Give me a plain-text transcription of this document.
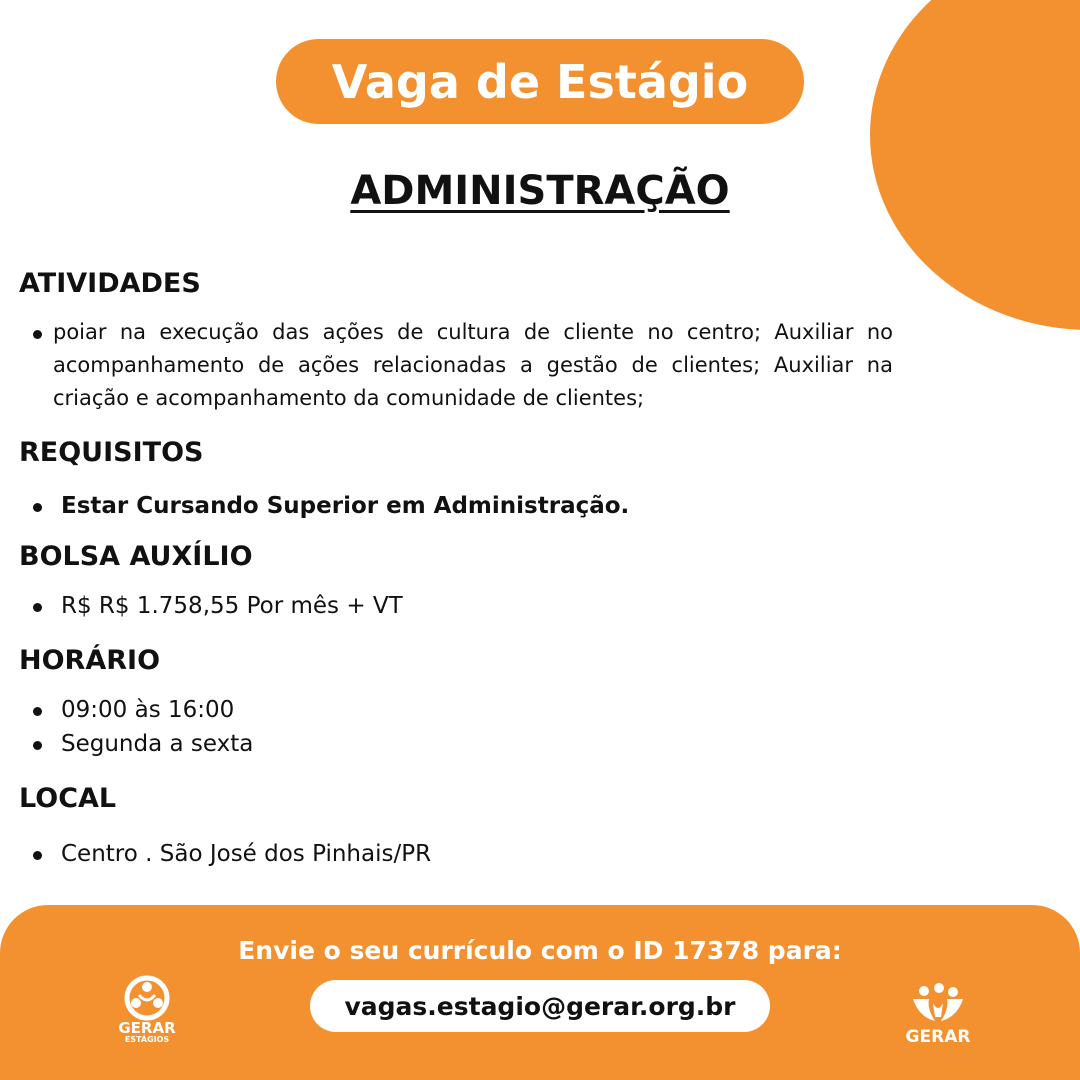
Vaga de Estágio
ADMINISTRAÇÃO
ATIVIDADES
poiar na execução das ações de cultura de cliente no centro; Auxiliar no acompanhamento de ações relacionadas a gestão de clientes; Auxiliar na criação e acompanhamento da comunidade de clientes;
REQUISITOS
Estar Cursando Superior em Administração.
BOLSA AUXÍLIO
R$ R$ 1.758,55 Por mês + VT
HORÁRIO
09:00 às 16:00
Segunda a sexta
LOCAL
Centro . São José dos Pinhais/PR
Envie o seu currículo com o ID 17378 para:
vagas.estagio@gerar.org.br
GERAR
ESTÁGIOS	GERAR
